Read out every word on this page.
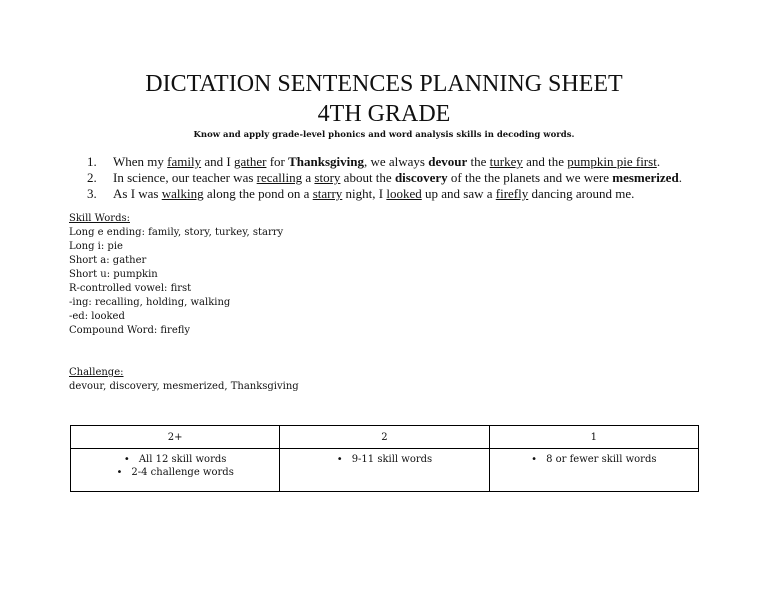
DICTATION SENTENCES PLANNING SHEET
4TH GRADE
Know and apply grade-level phonics and word analysis skills in decoding words.
1. When my family and I gather for Thanksgiving, we always devour the turkey and the pumpkin pie first.
2. In science, our teacher was recalling a story about the discovery of the the planets and we were mesmerized.
3. As I was walking along the pond on a starry night, I looked up and saw a firefly dancing around me.
Skill Words:
Long e ending: family, story, turkey, starry
Long i: pie
Short a: gather
Short u: pumpkin
R-controlled vowel: first
-ing: recalling, holding, walking
-ed: looked
Compound Word: firefly
Challenge:
devour, discovery, mesmerized, Thanksgiving
2+	2	1

• All 12 skill words
• 2-4 challenge words	• 9-11 skill words	• 8 or fewer skill words
